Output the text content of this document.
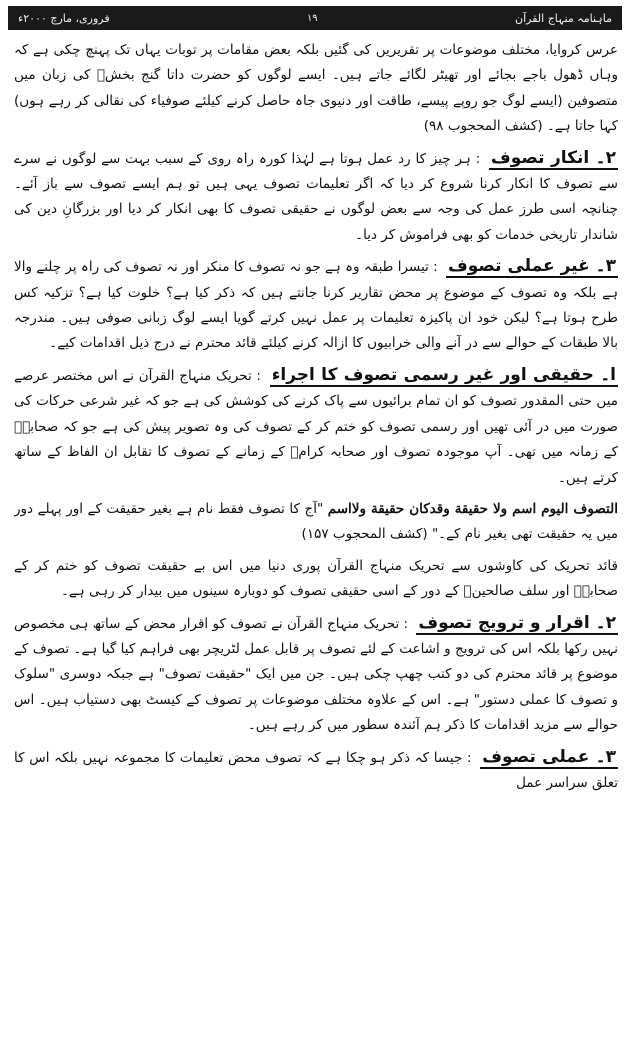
ماہنامہ منہاج القرآن
۱۹
فروری، مارچ ۲۰۰۰ء

عرس کروایا، مختلف موضوعات پر تقریریں کی گئیں بلکہ بعض مقامات پر توبات یہاں تک پہنچ چکی ہے کہ وہاں ڈھول باجے بجائے اور تھیٹر لگائے جاتے ہیں۔ ایسے لوگوں کو حضرت داتا گنج بخشؒ کی زبان میں متصوفین (ایسے لوگ جو روپے پیسے، طاقت اور دنیوی جاہ حاصل کرنے کیلئے صوفیاء کی نقالی کر رہے ہوں) کہا جاتا ہے۔ (کشف المحجوب ۹۸)

۲۔ انکار تصوف : ہر چیز کا رد عمل ہوتا ہے لہٰذا کورہ راہ روی کے سبب بہت سے لوگوں نے سرے سے تصوف کا انکار کرنا شروع کر دیا کہ اگر تعلیمات تصوف یہی ہیں تو ہم ایسے تصوف سے باز آئے۔ چنانچہ اسی طرز عمل کی وجہ سے بعض لوگوں نے حقیقی تصوف کا بھی انکار کر دیا اور بزرگانِ دین کی شاندار تاریخی خدمات کو بھی فراموش کر دیا۔

۳۔ غیر عملی تصوف : تیسرا طبقہ وہ ہے جو نہ تصوف کا منکر اور نہ تصوف کی راہ پر چلنے والا ہے بلکہ وہ تصوف کے موضوع پر محض تقاریر کرنا جانتے ہیں کہ ذکر کیا ہے؟ خلوت کیا ہے؟ تزکیہ کس طرح ہوتا ہے؟ لیکن خود ان پاکیزہ تعلیمات پر عمل نہیں کرتے گویا ایسے لوگ زبانی صوفی ہیں۔ مندرجہ بالا طبقات کے حوالے سے در آنے والی خرابیوں کا ازالہ کرنے کیلئے قائد محترم نے درج ذیل اقدامات کیے۔

ا۔ حقیقی اور غیر رسمی تصوف کا اجراء : تحریک منہاج القرآن نے اس مختصر عرصے میں حتی المقدور تصوف کو ان تمام برائیوں سے پاک کرنے کی کوشش کی ہے جو کہ غیر شرعی حرکات کی صورت میں در آئی تھیں اور رسمی تصوف کو ختم کر کے تصوف کی وہ تصویر پیش کی ہے جو کہ صحابہؓ کے زمانہ میں تھی۔ آپ موجودہ تصوف اور صحابہ کرامؓ کے زمانے کے تصوف کا تقابل ان الفاظ کے ساتھ کرتے ہیں۔

التصوف اليوم اسم ولا حقيقة وقدكان حقيقة ولااسم "آج کا تصوف فقط نام ہے بغیر حقیقت کے اور پہلے دور میں یہ حقیقت تھی بغیر نام کے۔" (کشف المحجوب ۱۵۷)

قائد تحریک کی کاوشوں سے تحریک منہاج القرآن پوری دنیا میں اس بے حقیقت تصوف کو ختم کر کے صحابہؓ اور سلف صالحینؒ کے دور کے اسی حقیقی تصوف کو دوبارہ سینوں میں بیدار کر رہی ہے۔

۲۔ اقرار و ترویج تصوف : تحریک منہاج القرآن نے تصوف کو اقرار محض کے ساتھ ہی مخصوص نہیں رکھا بلکہ اس کی ترویج و اشاعت کے لئے تصوف پر قابل عمل لٹریچر بھی فراہم کیا گیا ہے۔ تصوف کے موضوع پر قائد محترم کی دو کتب چھپ چکی ہیں۔ جن میں ایک "حقیقت تصوف" ہے جبکہ دوسری "سلوک و تصوف کا عملی دستور" ہے۔ اس کے علاوہ مختلف موضوعات پر تصوف کے کیسٹ بھی دستیاب ہیں۔ اس حوالے سے مزید اقدامات کا ذکر ہم آئندہ سطور میں کر رہے ہیں۔

۳۔ عملی تصوف : جیسا کہ ذکر ہو چکا ہے کہ تصوف محض تعلیمات کا مجموعہ نہیں بلکہ اس کا تعلق سراسر عمل
